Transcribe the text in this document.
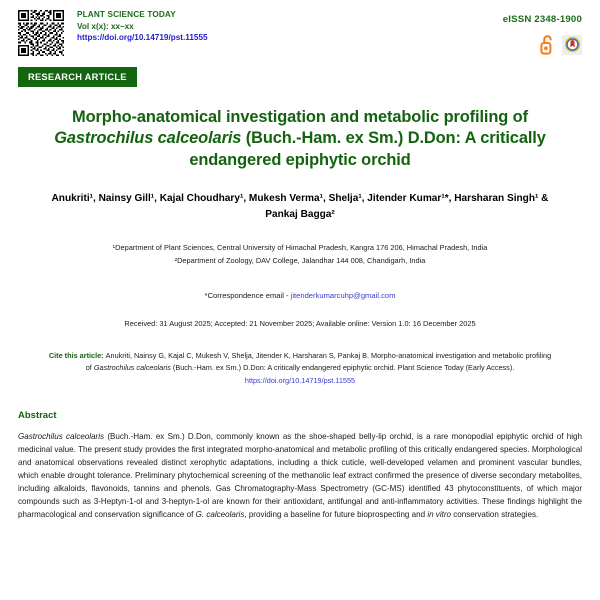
PLANT SCIENCE TODAY
Vol x(x): xx–xx
https://doi.org/10.14719/pst.11555
eISSN 2348-1900
RESEARCH ARTICLE
Morpho-anatomical investigation and metabolic profiling of
Gastrochilus calceolaris (Buch.-Ham. ex Sm.) D.Don: A critically
endangered epiphytic orchid
Anukriti¹, Nainsy Gill¹, Kajal Choudhary¹, Mukesh Verma¹, Shelja¹, Jitender Kumar¹*, Harsharan Singh¹ & Pankaj Bagga²
¹Department of Plant Sciences, Central University of Himachal Pradesh, Kangra 176 206, Himachal Pradesh, India
²Department of Zoology, DAV College, Jalandhar 144 008, Chandigarh, India
*Correspondence email - jitenderkumarcuhp@gmail.com
Received: 31 August 2025; Accepted: 21 November 2025; Available online: Version 1.0: 16 December 2025
Cite this article: Anukriti, Nainsy G, Kajal C, Mukesh V, Shelja, Jitender K, Harsharan S, Pankaj B. Morpho-anatomical investigation and metabolic profiling of Gastrochilus calceolaris (Buch.-Ham. ex Sm.) D.Don: A critically endangered epiphytic orchid. Plant Science Today (Early Access).
https://doi.org/10.14719/pst.11555
Abstract
Gastrochilus calceolaris (Buch.-Ham. ex Sm.) D.Don, commonly known as the shoe-shaped belly-lip orchid, is a rare monopodial epiphytic orchid of high medicinal value. The present study provides the first integrated morpho-anatomical and metabolic profiling of this critically endangered species. Morphological and anatomical observations revealed distinct xerophytic adaptations, including a thick cuticle, well-developed velamen and prominent vascular bundles, which enable drought tolerance. Preliminary phytochemical screening of the methanolic leaf extract confirmed the presence of diverse secondary metabolites, including alkaloids, flavonoids, tannins and phenols. Gas Chromatography-Mass Spectrometry (GC-MS) identified 43 phytoconstituents, of which major compounds such as 3-Heptyn-1-ol and 3-heptyn-1-ol are known for their antioxidant, antifungal and anti-inflammatory activities. These findings highlight the pharmacological and conservation significance of G. calceolaris, providing a baseline for future bioprospecting and in vitro conservation strategies.
